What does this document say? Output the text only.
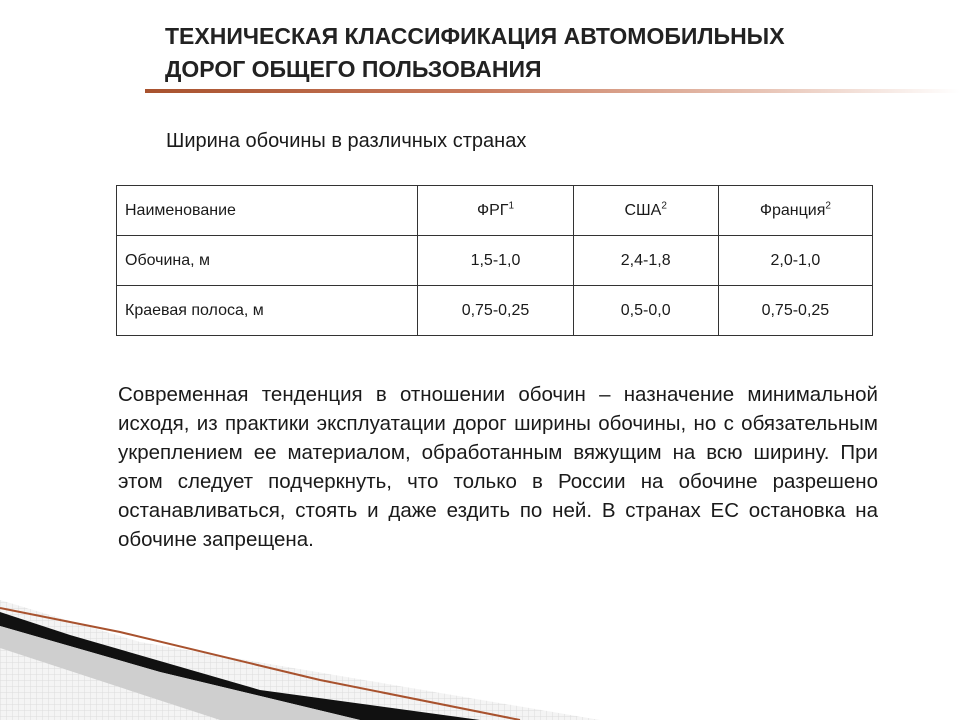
ТЕХНИЧЕСКАЯ КЛАССИФИКАЦИЯ АВТОМОБИЛЬНЫХ
ДОРОГ ОБЩЕГО ПОЛЬЗОВАНИЯ
Ширина обочины в различных странах
Наименование	ФРГ$^1$	США$^2$	Франция$^2$
Обочина, м	1,5-1,0	2,4-1,8	2,0-1,0
Краевая полоса, м	0,75-0,25	0,5-0,0	0,75-0,25
Современная тенденция в отношении обочин – назначение минимальной исходя, из практики эксплуатации дорог ширины обочины, но с обязательным укреплением ее материалом, обработанным вяжущим на всю ширину. При этом следует подчеркнуть, что только в России на обочине разрешено останавливаться, стоять и даже ездить по ней. В странах ЕС остановка на обочине запрещена.
